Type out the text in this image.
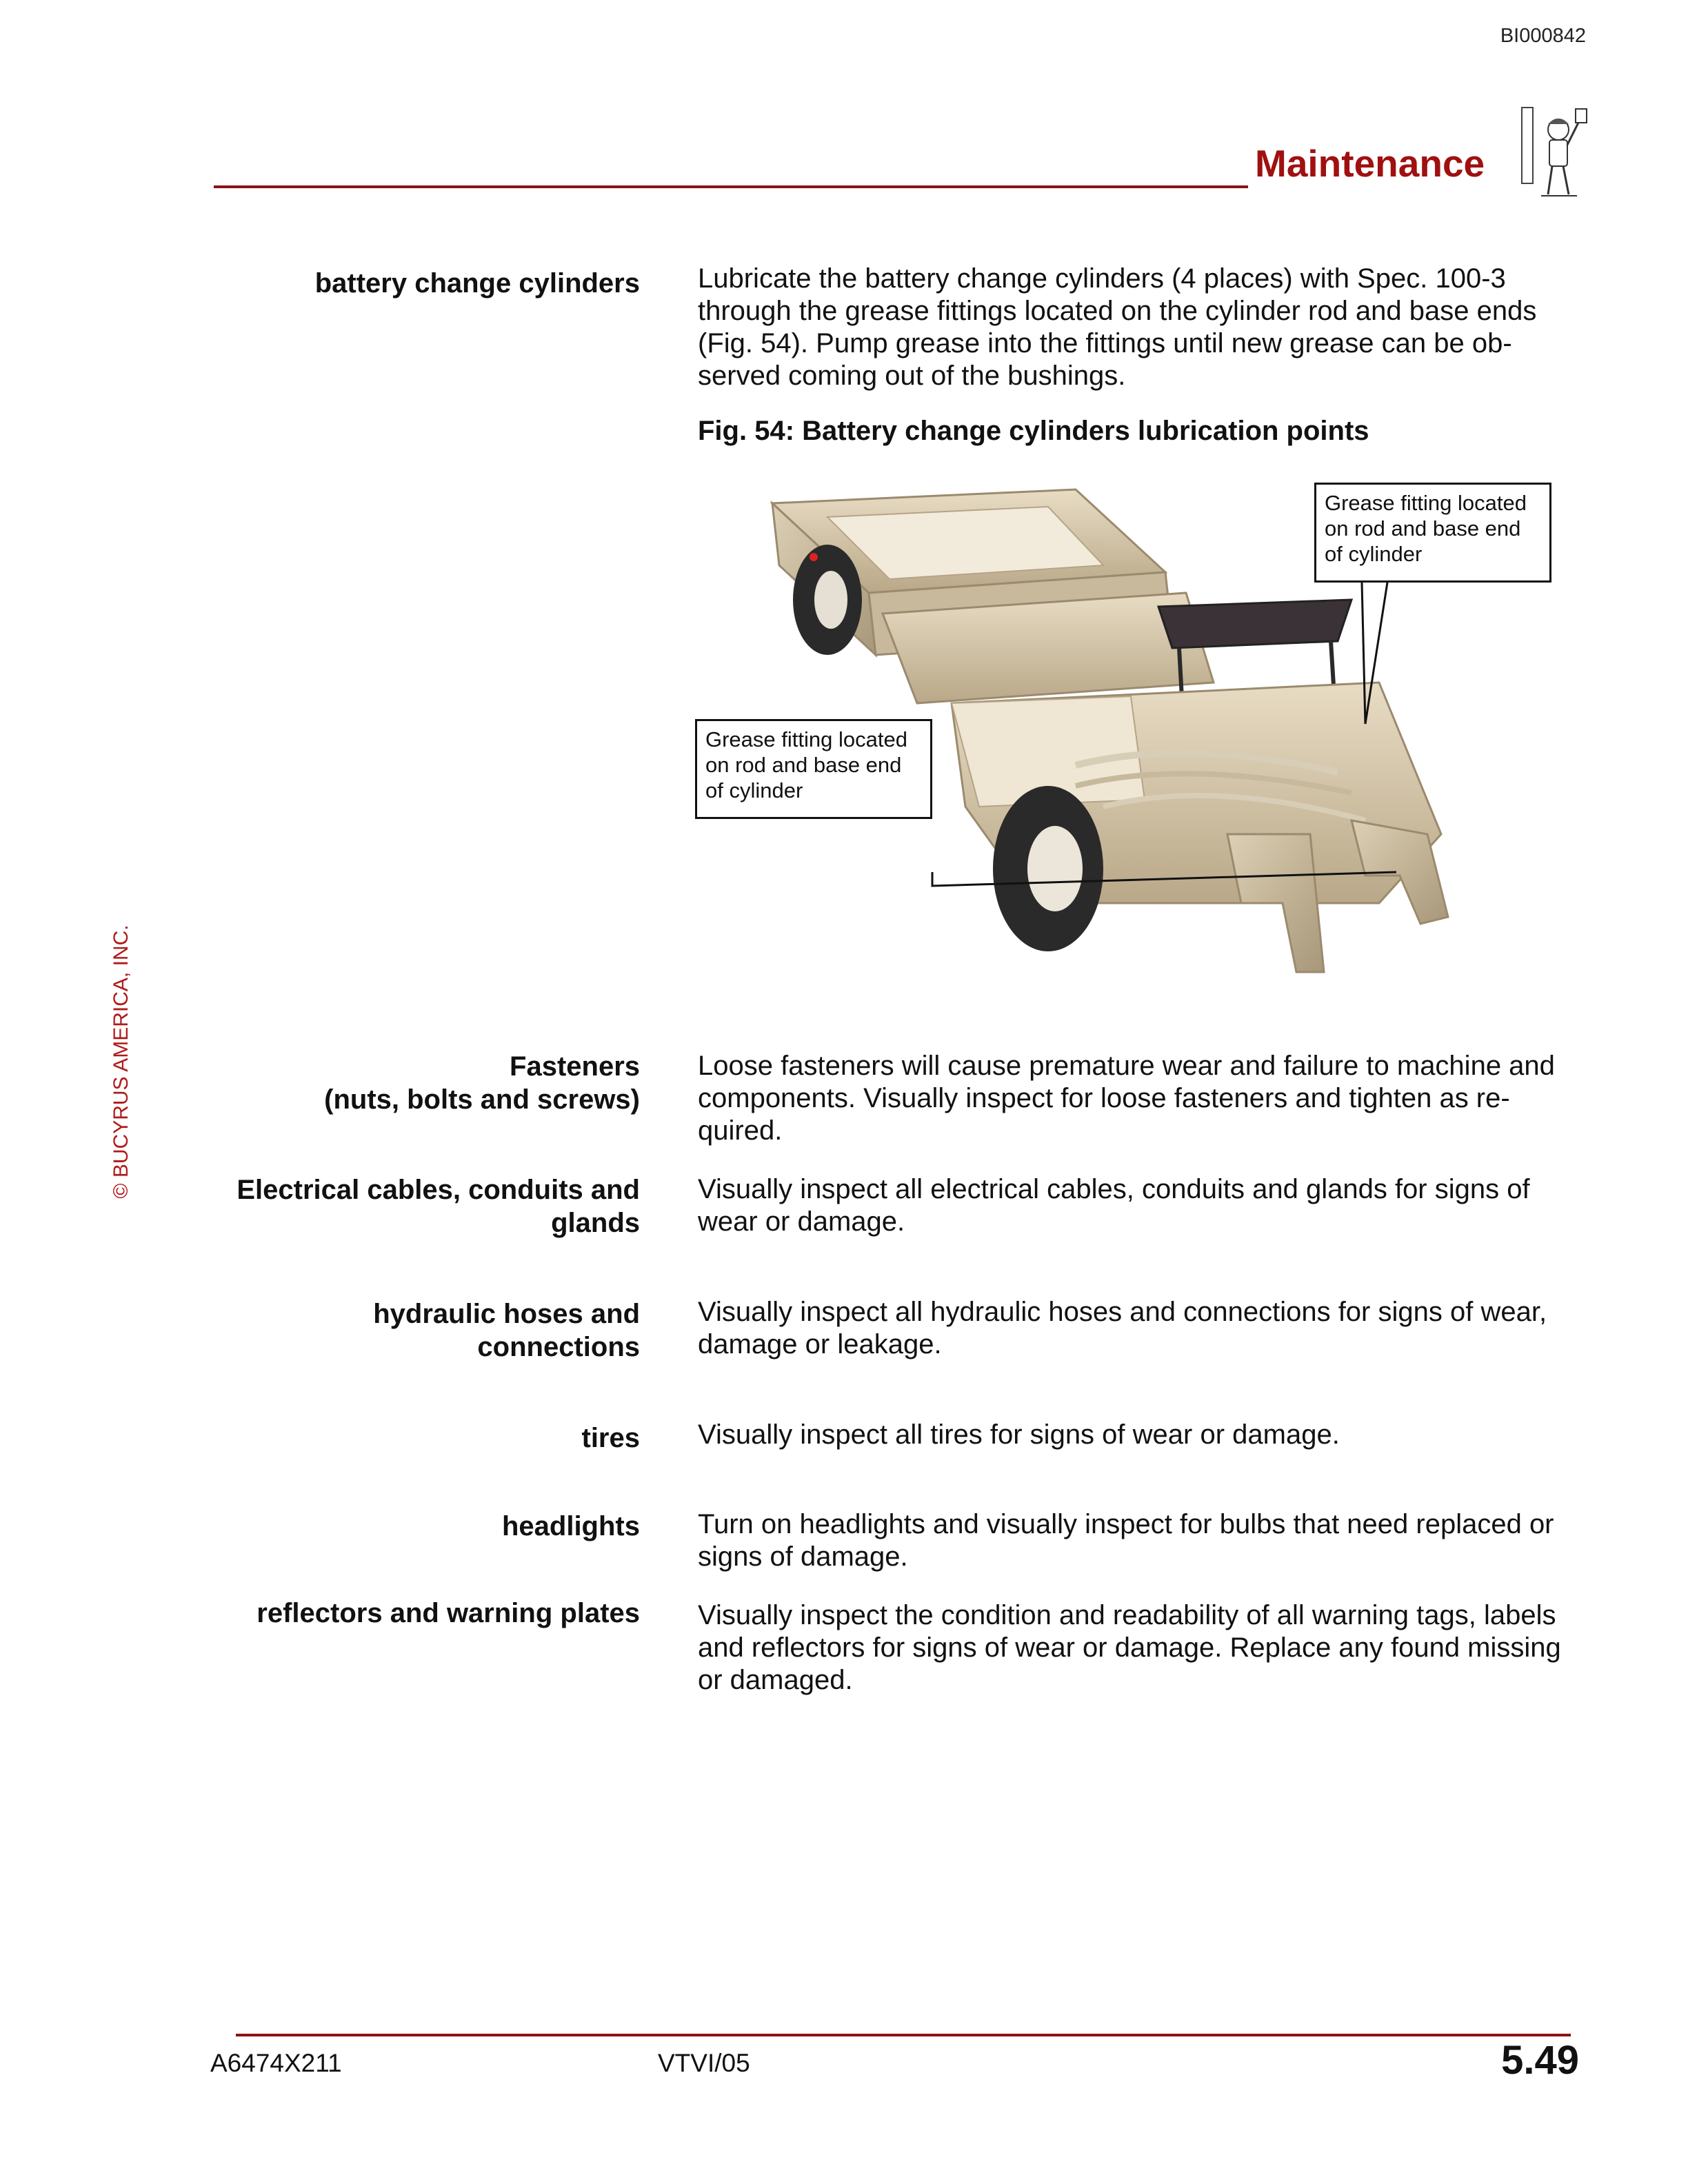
BI000842
Maintenance
© BUCYRUS AMERICA, INC.
battery change cylinders Lubricate the battery change cylinders (4 places) with Spec. 100-3 through the grease fittings located on the cylinder rod and base ends (Fig. 54). Pump grease into the fittings until new grease can be ob-served coming out of the bushings.
Fig. 54: Battery change cylinders lubrication points
Grease fitting located on rod and base end of cylinder
Grease fitting located on rod and base end of cylinder
Fasteners
(nuts, bolts and screws)
Loose fasteners will cause premature wear and failure to machine and components. Visually inspect for loose fasteners and tighten as re-quired.
Electrical cables, conduits and
glands
Visually inspect all electrical cables, conduits and glands for signs of wear or damage.
hydraulic hoses and
connections
Visually inspect all hydraulic hoses and connections for signs of wear, damage or leakage.
tires Visually inspect all tires for signs of wear or damage.
headlights Turn on headlights and visually inspect for bulbs that need replaced or signs of damage.
reflectors and warning plates Visually inspect the condition and readability of all warning tags, labels and reflectors for signs of wear or damage. Replace any found missing or damaged.
A6474X211	VTVI/05	5.49
